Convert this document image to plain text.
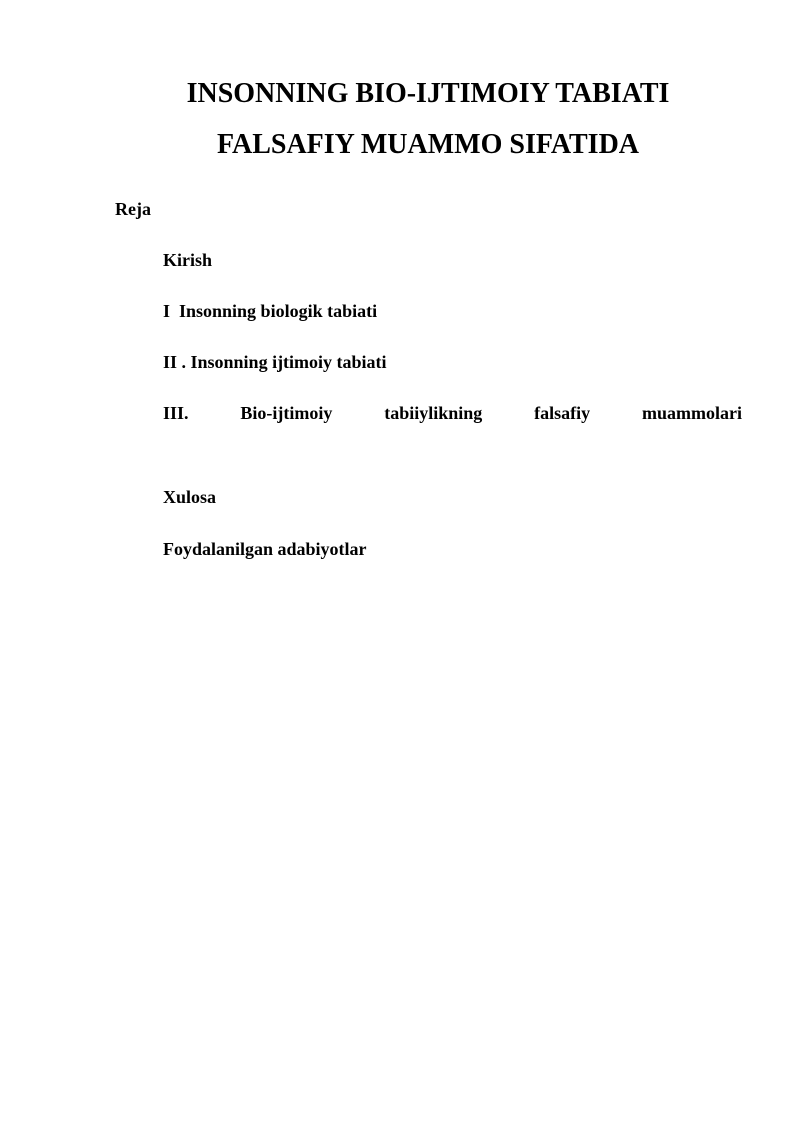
INSONNING BIO-IJTIMOIY TABIATI
FALSAFIY MUAMMO SIFATIDA
Reja
Kirish
I  Insonning biologik tabiati
II . Insonning ijtimoiy tabiati
III.	Bio-ijtimoiy	tabiiylikning	falsafiy	muammolari
Xulosa
Foydalanilgan adabiyotlar
